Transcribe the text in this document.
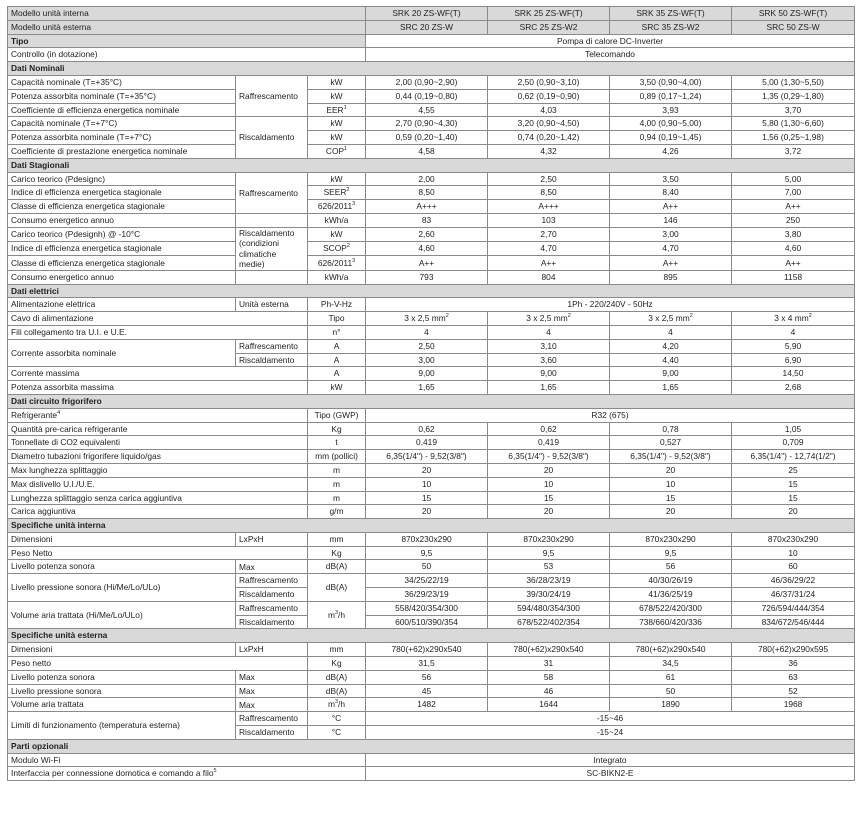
Modello unità interna			SRK 20 ZS-WF(T)	SRK 25 ZS-WF(T)	SRK 35 ZS-WF(T)	SRK 50 ZS-WF(T)
Modello unità esterna			SRC 20 ZS-W	SRC 25 ZS-W2	SRC 35 ZS-W2	SRC 50 ZS-W
Tipo			Pompa di calore DC-Inverter			
Controllo (in dotazione)			Telecomando			
Dati Nominali						
Capacità nominale (T=+35°C)	Raffrescamento	kW	2,00 (0,90~2,90)	2,50 (0,90~3,10)	3,50 (0,90~4,00)	5,00 (1,30~5,50)
Potenza assorbita nominale (T=+35°C)		kW	0,44 (0,19~0,80)	0,62 (0,19~0,90)	0,89 (0,17~1,24)	1,35 (0,29~1,80)
Coefficiente di efficienza energetica nominale		EER$^1$	4,55	4,03	3,93	3,70
Capacità nominale (T=+7°C)	Riscaldamento	kW	2,70 (0,90~4,30)	3,20 (0,90~4,50)	4,00 (0,90~5,00)	5,80 (1,30~6,60)
Potenza assorbita nominale (T=+7°C)		kW	0,59 (0,20~1,40)	0,74 (0,20~1,42)	0,94 (0,19~1,45)	1,56 (0,25~1,98)
Coefficiente di prestazione energetica nominale		COP$^1$	4,58	4,32	4,26	3,72
Dati Stagionali						
Carico teorico (Pdesignc)	Raffrescamento	kW	2,00	2,50	3,50	5,00
Indice di efficienza energetica stagionale		SEER$^2$	8,50	8,50	8,40	7,00
Classe di efficienza energetica stagionale		626/2011$^3$	A+++	A+++	A++	A++
Consumo energetico annuo		kWh/a	83	103	146	250
Carico teorico (Pdesignh) @ -10°C	Riscaldamento (condizioni climatiche medie)	kW	2,60	2,70	3,00	3,80
Indice di efficienza energetica stagionale		SCOP$^2$	4,60	4,70	4,70	4,60
Classe di efficienza energetica stagionale		626/2011$^3$	A++	A++	A++	A++
Consumo energetico annuo		kWh/a	793	804	895	1158
Dati elettrici						
Alimentazione elettrica	Unità esterna	Ph-V-Hz	1Ph - 220/240V - 50Hz			
Cavo di alimentazione		Tipo	3 x 2,5 $mm^2$	3 x 2,5 $mm^2$	3 x 2,5 $mm^2$	3 x 4 $mm^2$
Fili collegamento tra U.I. e U.E.		n°	4	4	4	4
Corrente assorbita nominale	Raffrescamento	A	2,50	3,10	4,20	5,90
	Riscaldamento	A	3,00	3,60	4,40	6,90
Corrente massima		A	9,00	9,00	9,00	14,50
Potenza assorbita massima		kW	1,65	1,65	1,65	2,68
Dati circuito frigorifero						
Refrigerante$^4$		Tipo (GWP)	R32 (675)			
Quantità pre-carica refrigerante		Kg	0,62	0,62	0,78	1,05
Tonnellate di CO2 equivalenti		t	0,419	0,419	0,527	0,709
Diametro tubazioni frigorifere liquido/gas		mm (pollici)	6,35(1/4") - 9,52(3/8")	6,35(1/4") - 9,52(3/8")	6,35(1/4") - 9,52(3/8")	6,35(1/4") - 12,74(1/2")
Max lunghezza splittaggio		m	20	20	20	25
Max dislivello U.I./U.E.		m	10	10	10	15
Lunghezza splittaggio senza carica aggiuntiva		m	15	15	15	15
Carica aggiuntiva		g/m	20	20	20	20
Specifiche unità interna						
Dimensioni	LxPxH	mm	870x230x290	870x230x290	870x230x290	870x230x290
Peso Netto		Kg	9,5	9,5	9,5	10
Livello potenza sonora	Max	dB(A)	50	53	56	60
Livello pressione sonora (Hi/Me/Lo/ULo)	Raffrescamento	dB(A)	34/25/22/19	36/28/23/19	40/30/26/19	46/36/29/22
	Riscaldamento		36/29/23/19	39/30/24/19	41/36/25/19	46/37/31/24
Volume aria trattata (Hi/Me/Lo/ULo)	Raffrescamento	$m^3/h$	558/420/354/300	594/480/354/300	678/522/420/300	726/594/444/354
	Riscaldamento		600/510/390/354	678/522/402/354	738/660/420/336	834/672/546/444
Specifiche unità esterna						
Dimensioni	LxPxH	mm	780(+62)x290x540	780(+62)x290x540	780(+62)x290x540	780(+62)x290x595
Peso netto		Kg	31,5	31	34,5	36
Livello potenza sonora	Max	dB(A)	56	58	61	63
Livello pressione sonora	Max	dB(A)	45	46	50	52
Volume aria trattata	Max	$m^3/h$	1482	1644	1890	1968
Limiti di funzionamento (temperatura esterna)	Raffrescamento	°C	-15~46			
	Riscaldamento	°C	-15~24			
Parti opzionali						
Modulo Wi-Fi			Integrato			
Interfaccia per connessione domotica e comando a filo$^5$			SC-BIKN2-E			
